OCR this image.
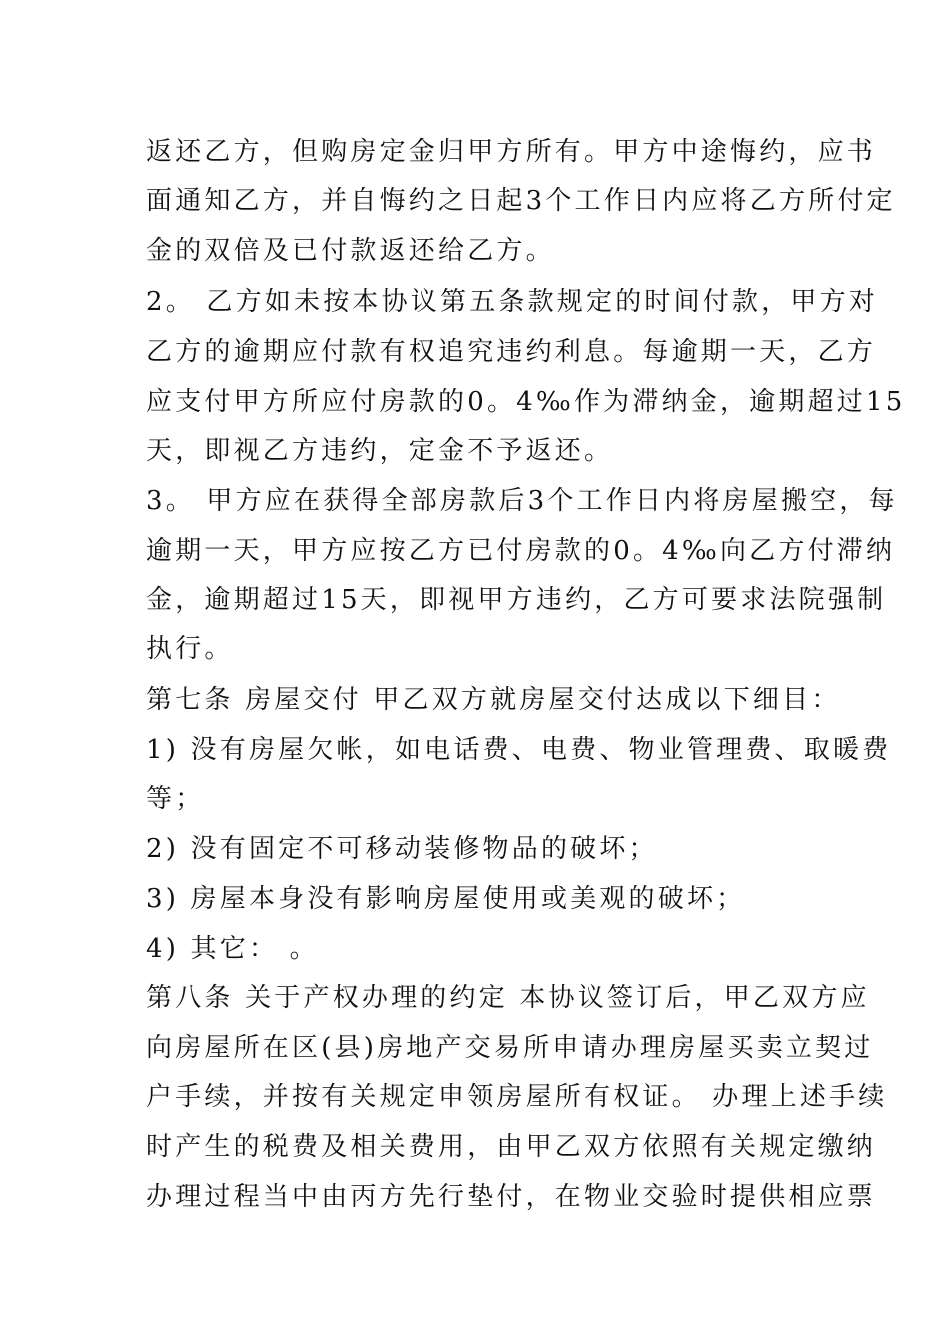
返还乙方，但购房定金归甲方所有。甲方中途悔约，应书
面通知乙方，并自悔约之日起3个工作日内应将乙方所付定
金的双倍及已付款返还给乙方。
2。 乙方如未按本协议第五条款规定的时间付款，甲方对
乙方的逾期应付款有权追究违约利息。每逾期一天，乙方
应支付甲方所应付房款的0。4‰作为滞纳金，逾期超过15
天，即视乙方违约，定金不予返还。
3。 甲方应在获得全部房款后3个工作日内将房屋搬空，每
逾期一天，甲方应按乙方已付房款的0。4‰向乙方付滞纳
金，逾期超过15天，即视甲方违约，乙方可要求法院强制
执行。
第七条 房屋交付 甲乙双方就房屋交付达成以下细目：
1) 没有房屋欠帐，如电话费、电费、物业管理费、取暖费
等；
2) 没有固定不可移动装修物品的破坏；
3) 房屋本身没有影响房屋使用或美观的破坏；
4) 其它： 。
第八条 关于产权办理的约定 本协议签订后，甲乙双方应
向房屋所在区(县)房地产交易所申请办理房屋买卖立契过
户手续，并按有关规定申领房屋所有权证。 办理上述手续
时产生的税费及相关费用，由甲乙双方依照有关规定缴纳
办理过程当中由丙方先行垫付，在物业交验时提供相应票
